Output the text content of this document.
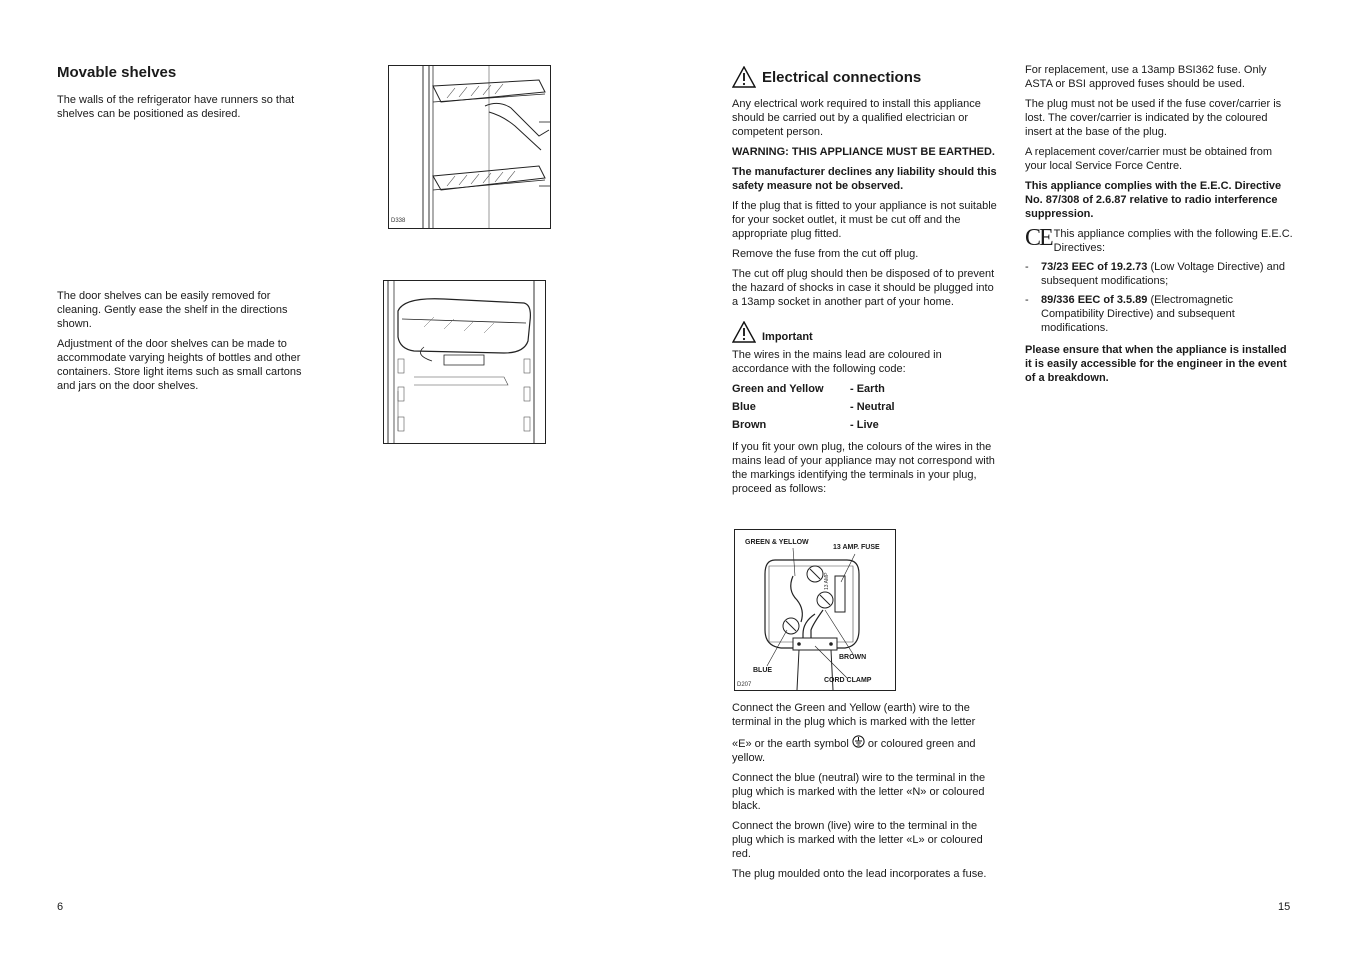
Movable shelves

The walls of the refrigerator have runners so that shelves can be positioned as desired.

D338

The door shelves can be easily removed for cleaning. Gently ease the shelf in the directions shown.

Adjustment of the door shelves can be made to accommodate varying heights of bottles and other containers. Store light items such as small cartons and jars on the door shelves.

6
Electrical connections

Any electrical work required to install this appliance should be carried out by a qualified electrician or competent person.

WARNING: THIS APPLIANCE MUST BE EARTHED.

The manufacturer declines any liability should this safety measure not be observed.

If the plug that is fitted to your appliance is not suitable for your socket outlet, it must be cut off and the appropriate plug fitted.

Remove the fuse from the cut off plug.

The cut off plug should then be disposed of to prevent the hazard of shocks in case it should be plugged into a 13amp socket in another part of your home.

Important

The wires in the mains lead are coloured in accordance with the following code:

Green and Yellow	- Earth
Blue	- Neutral
Brown	- Live

If you fit your own plug, the colours of the wires in the mains lead of your appliance may not correspond with the markings identifying the terminals in your plug, proceed as follows:

GREEN & YELLOW
13 AMP. FUSE
13 AMP
BLUE
BROWN
CORD CLAMP
D207

Connect the Green and Yellow (earth) wire to the terminal in the plug which is marked with the letter

«E» or the earth symbol or coloured green and yellow.

Connect the blue (neutral) wire to the terminal in the plug which is marked with the letter «N» or coloured black.

Connect the brown (live) wire to the terminal in the plug which is marked with the letter «L» or coloured red.

The plug moulded onto the lead incorporates a fuse.

For replacement, use a 13amp BSI362 fuse. Only ASTA or BSI approved fuses should be used.

The plug must not be used if the fuse cover/carrier is lost. The cover/carrier is indicated by the coloured insert at the base of the plug.

A replacement cover/carrier must be obtained from your local Service Force Centre.

This appliance complies with the E.E.C. Directive No. 87/308 of 2.6.87 relative to radio interference suppression.

CE This appliance complies with the following E.E.C. Directives:
-	73/23 EEC of 19.2.73 (Low Voltage Directive) and subsequent modifications;
-	89/336 EEC of 3.5.89 (Electromagnetic Compatibility Directive) and subsequent modifications.

Please ensure that when the appliance is installed it is easily accessible for the engineer in the event of a breakdown.

15
